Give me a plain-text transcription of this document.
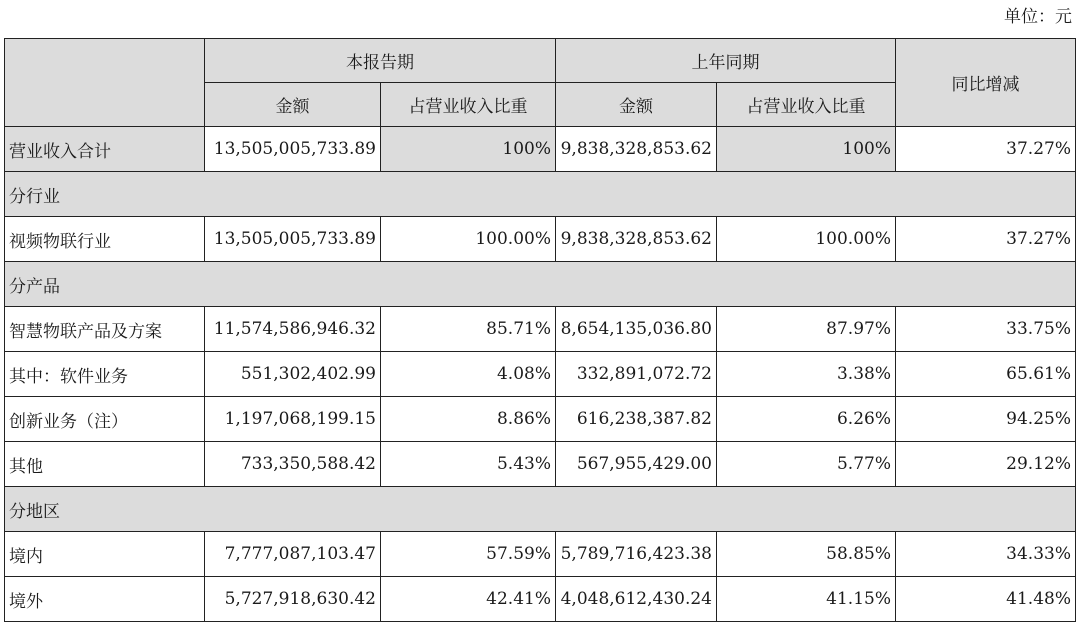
单位：元
	本报告期		上年同期		同比增减
	金额	占营业收入比重	金额	占营业收入比重	
营业收入合计	13,505,005,733.89	100%	9,838,328,853.62	100%	37.27%
分行业					
视频物联行业	13,505,005,733.89	100.00%	9,838,328,853.62	100.00%	37.27%
分产品					
智慧物联产品及方案	11,574,586,946.32	85.71%	8,654,135,036.80	87.97%	33.75%
其中：软件业务	551,302,402.99	4.08%	332,891,072.72	3.38%	65.61%
创新业务（注）	1,197,068,199.15	8.86%	616,238,387.82	6.26%	94.25%
其他	733,350,588.42	5.43%	567,955,429.00	5.77%	29.12%
分地区					
境内	7,777,087,103.47	57.59%	5,789,716,423.38	58.85%	34.33%
境外	5,727,918,630.42	42.41%	4,048,612,430.24	41.15%	41.48%
